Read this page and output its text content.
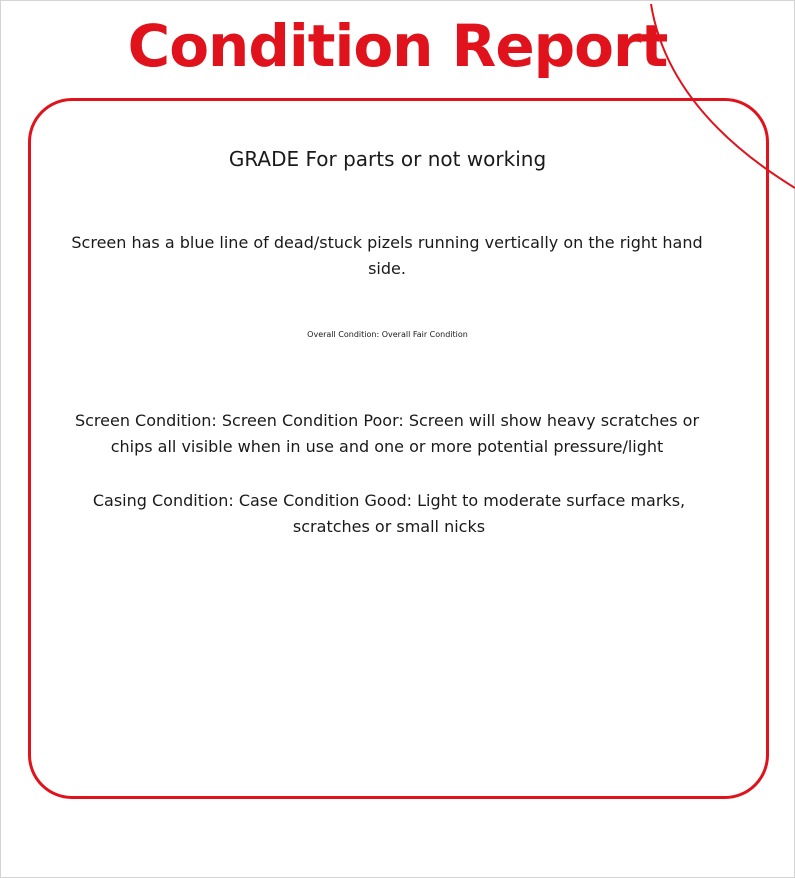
Condition Report
GRADE For parts or not working
Screen has a blue line of dead/stuck pizels running vertically on the right hand side.
Overall Condition: Overall Fair Condition
Screen Condition: Screen Condition Poor: Screen will show heavy scratches or chips all visible when in use and one or more potential pressure/light
Casing Condition: Case Condition Good: Light to moderate surface marks, scratches or small nicks
